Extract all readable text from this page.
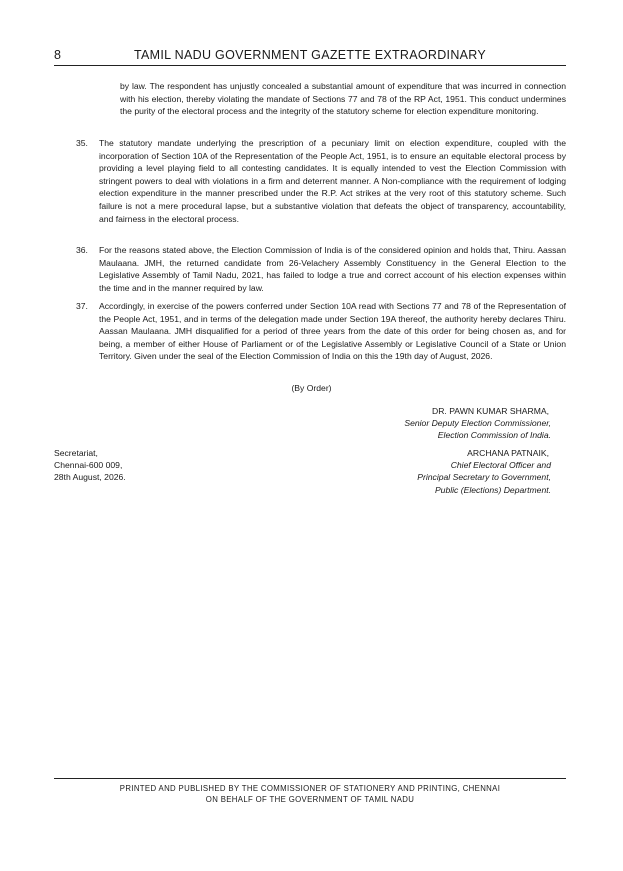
8	TAMIL NADU GOVERNMENT GAZETTE EXTRAORDINARY
by law. The respondent has unjustly concealed a substantial amount of expenditure that was incurred in connection with his election, thereby violating the mandate of Sections 77 and 78 of the RP Act, 1951. This conduct undermines the purity of the electoral process and the integrity of the statutory scheme for election expenditure monitoring.
35.	The statutory mandate underlying the prescription of a pecuniary limit on election expenditure, coupled with the incorporation of Section 10A of the Representation of the People Act, 1951, is to ensure an equitable electoral process by providing a level playing field to all contesting candidates. It is equally intended to vest the Election Commission with stringent powers to deal with violations in a firm and deterrent manner. A Non-compliance with the requirement of lodging election expenditure in the manner prescribed under the R.P. Act strikes at the very root of this statutory scheme. Such failure is not a mere procedural lapse, but a substantive violation that defeats the object of transparency, accountability, and fairness in the electoral process.
36.	For the reasons stated above, the Election Commission of India is of the considered opinion and holds that, Thiru. Aassan Maulaana. JMH, the returned candidate from 26-Velachery Assembly Constituency in the General Election to the Legislative Assembly of Tamil Nadu, 2021, has failed to lodge a true and correct account of his election expenses within the time and in the manner required by law.
37.	Accordingly, in exercise of the powers conferred under Section 10A read with Sections 77 and 78 of the Representation of the People Act, 1951, and in terms of the delegation made under Section 19A thereof, the authority hereby declares Thiru. Aassan Maulaana. JMH disqualified for a period of three years from the date of this order for being chosen as, and for being, a member of either House of Parliament or of the Legislative Assembly or Legislative Council of a State or Union Territory. Given under the seal of the Election Commission of India on this the 19th day of August, 2026.
(By Order)
DR. PAWN KUMAR SHARMA,
Senior Deputy Election Commissioner,
Election Commission of India.
Secretariat,
Chennai-600 009,
28th August, 2026.
ARCHANA PATNAIK,
Chief Electoral Officer and
Principal Secretary to Government,
Public (Elections) Department.
PRINTED AND PUBLISHED BY THE COMMISSIONER OF STATIONERY AND PRINTING, CHENNAI
ON BEHALF OF THE GOVERNMENT OF TAMIL NADU
